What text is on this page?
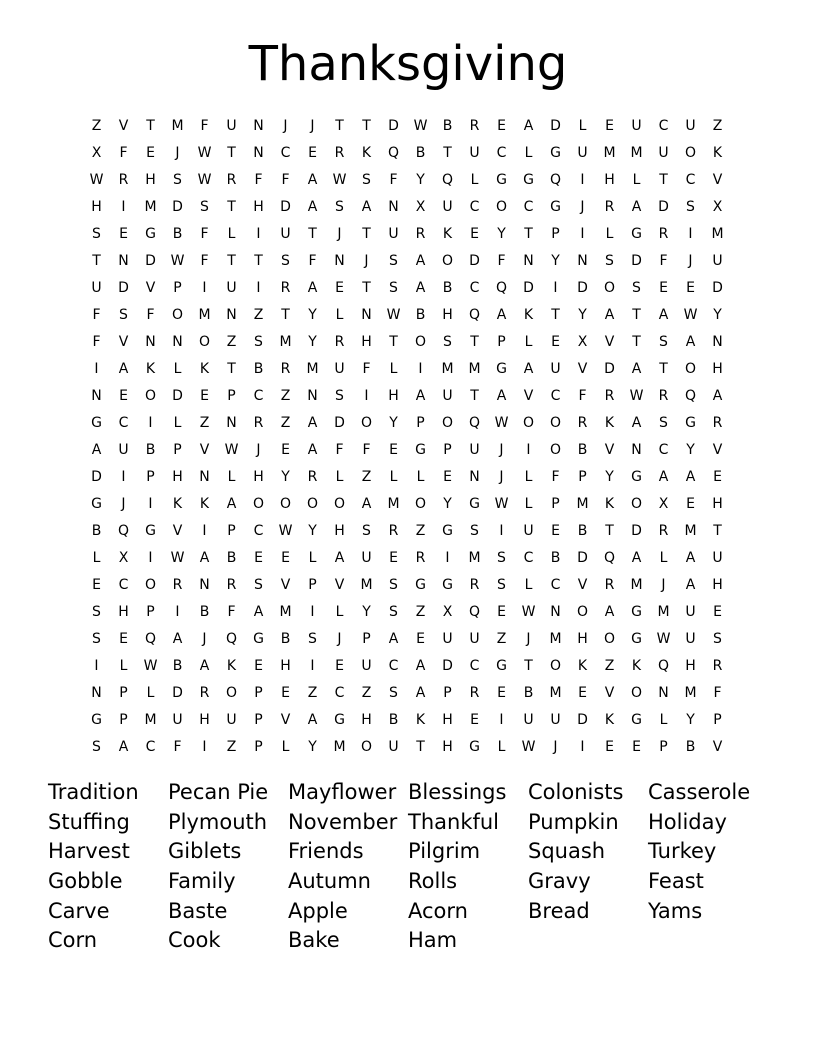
Thanksgiving
Z	V	T	M	F	U	N	J	J	T	T	D	W	B	R	E	A	D	L	E	U	C	U	Z
X	F	E	J	W	T	N	C	E	R	K	Q	B	T	U	C	L	G	U	M	M	U	O	K
W	R	H	S	W	R	F	F	A	W	S	F	Y	Q	L	G	G	Q	I	H	L	T	C	V
H	I	M	D	S	T	H	D	A	S	A	N	X	U	C	O	C	G	J	R	A	D	S	X
S	E	G	B	F	L	I	U	T	J	T	U	R	K	E	Y	T	P	I	L	G	R	I	M
T	N	D	W	F	T	T	S	F	N	J	S	A	O	D	F	N	Y	N	S	D	F	J	U
U	D	V	P	I	U	I	R	A	E	T	S	A	B	C	Q	D	I	D	O	S	E	E	D
F	S	F	O	M	N	Z	T	Y	L	N	W	B	H	Q	A	K	T	Y	A	T	A	W	Y
F	V	N	N	O	Z	S	M	Y	R	H	T	O	S	T	P	L	E	X	V	T	S	A	N
I	A	K	L	K	T	B	R	M	U	F	L	I	M	M	G	A	U	V	D	A	T	O	H
N	E	O	D	E	P	C	Z	N	S	I	H	A	U	T	A	V	C	F	R	W	R	Q	A
G	C	I	L	Z	N	R	Z	A	D	O	Y	P	O	Q	W	O	O	R	K	A	S	G	R
A	U	B	P	V	W	J	E	A	F	F	E	G	P	U	J	I	O	B	V	N	C	Y	V
D	I	P	H	N	L	H	Y	R	L	Z	L	L	E	N	J	L	F	P	Y	G	A	A	E
G	J	I	K	K	A	O	O	O	O	A	M	O	Y	G	W	L	P	M	K	O	X	E	H
B	Q	G	V	I	P	C	W	Y	H	S	R	Z	G	S	I	U	E	B	T	D	R	M	T
L	X	I	W	A	B	E	E	L	A	U	E	R	I	M	S	C	B	D	Q	A	L	A	U
E	C	O	R	N	R	S	V	P	V	M	S	G	G	R	S	L	C	V	R	M	J	A	H
S	H	P	I	B	F	A	M	I	L	Y	S	Z	X	Q	E	W	N	O	A	G	M	U	E
S	E	Q	A	J	Q	G	B	S	J	P	A	E	U	U	Z	J	M	H	O	G	W	U	S
I	L	W	B	A	K	E	H	I	E	U	C	A	D	C	G	T	O	K	Z	K	Q	H	R
N	P	L	D	R	O	P	E	Z	C	Z	S	A	P	R	E	B	M	E	V	O	N	M	F
G	P	M	U	H	U	P	V	A	G	H	B	K	H	E	I	U	U	D	K	G	L	Y	P
S	A	C	F	I	Z	P	L	Y	M	O	U	T	H	G	L	W	J	I	E	E	P	B	V
Tradition
Stuffing
Harvest
Gobble
Carve
Corn
Pecan Pie
Plymouth
Giblets
Family
Baste
Cook
Mayflower
November
Friends
Autumn
Apple
Bake
Blessings
Thankful
Pilgrim
Rolls
Acorn
Ham
Colonists
Pumpkin
Squash
Gravy
Bread
Casserole
Holiday
Turkey
Feast
Yams
